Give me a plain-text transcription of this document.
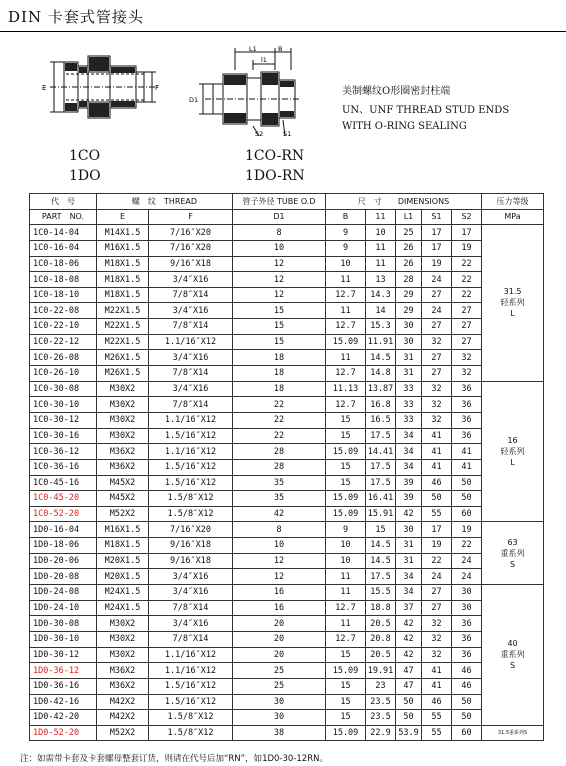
DIN 卡套式管接头
E	F
L1	B
l1
D1
S2	S1
1CO
1DO
1CO-RN
1DO-RN
美制螺纹O形圈密封柱端
UN、UNF THREAD STUD ENDS
WITH O-RING SEALING
代　号	螺　纹　THREAD		管子外径 TUBE O.D	尺　寸　　DIMENSIONS					压力等级
PART　NO.	E	F	D1	B	11	L1	S1	S2	MPa
1C0-14-04	M14X1.5	7/16″X20	8	9	10	25	17	17	31.5
轻系列
L

1C0-16-04	M16X1.5	7/16″X20	10	9	11	26	17	19	
1C0-18-06	M18X1.5	9/16″X18	12	10	11	26	19	22	
1C0-18-08	M18X1.5	3/4″X16	12	11	13	28	24	22	
1C0-18-10	M18X1.5	7/8″X14	12	12.7	14.3	29	27	22	
1C0-22-08	M22X1.5	3/4″X16	15	11	14	29	24	27	
1C0-22-10	M22X1.5	7/8″X14	15	12.7	15.3	30	27	27	
1C0-22-12	M22X1.5	1.1/16″X12	15	15.09	11.91	30	32	27	
1C0-26-08	M26X1.5	3/4″X16	18	11	14.5	31	27	32	
1C0-26-10	M26X1.5	7/8″X14	18	12.7	14.8	31	27	32	
1C0-30-08	M30X2	3/4″X16	18	11.13	13.87	33	32	36	16
轻系列
L

1C0-30-10	M30X2	7/8″X14	22	12.7	16.8	33	32	36	
1C0-30-12	M30X2	1.1/16″X12	22	15	16.5	33	32	36	
1C0-30-16	M30X2	1.5/16″X12	22	15	17.5	34	41	36	
1C0-36-12	M36X2	1.1/16″X12	28	15.09	14.41	34	41	41	
1C0-36-16	M36X2	1.5/16″X12	28	15	17.5	34	41	41	
1C0-45-16	M45X2	1.5/16″X12	35	15	17.5	39	46	50	
1C0-45-20	M45X2	1.5/8″X12	35	15.09	16.41	39	50	50	
1C0-52-20	M52X2	1.5/8″X12	42	15.09	15.91	42	55	60	
1D0-16-04	M16X1.5	7/16″X20	8	9	15	30	17	19	63
重系列
S

1D0-18-06	M18X1.5	9/16″X18	10	10	14.5	31	19	22	
1D0-20-06	M20X1.5	9/16″X18	12	10	14.5	31	22	24	
1D0-20-08	M20X1.5	3/4″X16	12	11	17.5	34	24	24	
1D0-24-08	M24X1.5	3/4″X16	16	11	15.5	34	27	30	40
重系列
S

1D0-24-10	M24X1.5	7/8″X14	16	12.7	18.8	37	27	30	
1D0-30-08	M30X2	3/4″X16	20	11	20.5	42	32	36	
1D0-30-10	M30X2	7/8″X14	20	12.7	20.8	42	32	36	
1D0-30-12	M30X2	1.1/16″X12	20	15	20.5	42	32	36	
1D0-36-12	M36X2	1.1/16″X12	25	15.09	19.91	47	41	46	
1D0-36-16	M36X2	1.5/16″X12	25	15	23	47	41	46	
1D0-42-16	M42X2	1.5/16″X12	30	15	23.5	50	46	50	
1D0-42-20	M42X2	1.5/8″X12	30	15	23.5	50	55	50	
1D0-52-20	M52X2	1.5/8″X12	38	15.09	22.9	53.9	55	60	31.5重系列S
注：如需带卡套及卡套螺母整套订货，则请在代号后加“RN”，如1D0-30-12RN。
